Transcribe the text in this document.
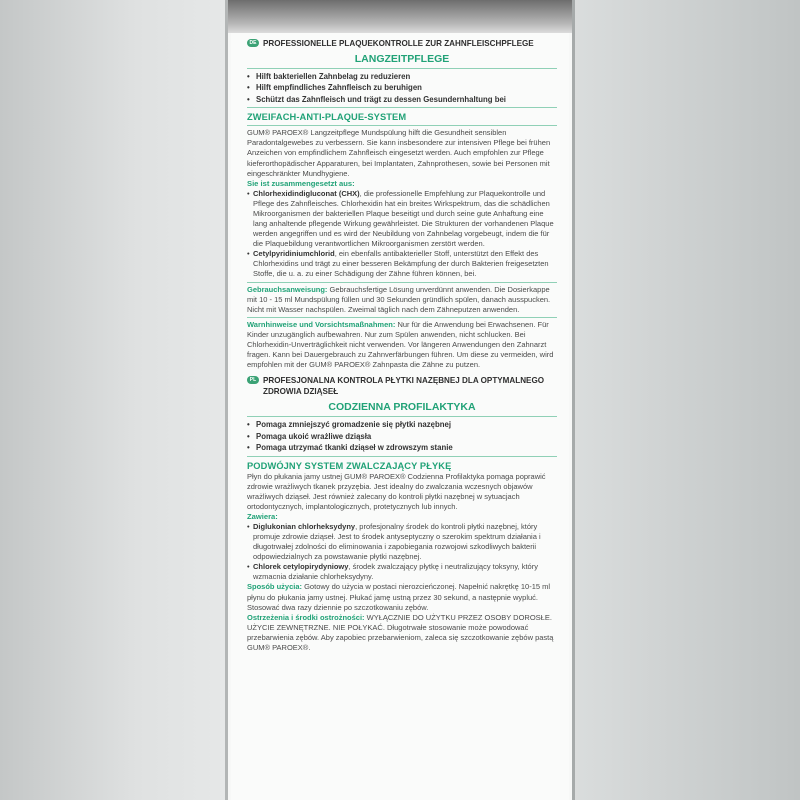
DE PROFESSIONELLE PLAQUEKONTROLLE ZUR ZAHNFLEISCHPFLEGE
LANGZEITPFLEGE
• Hilft bakteriellen Zahnbelag zu reduzieren
• Hilft empfindliches Zahnfleisch zu beruhigen
• Schützt das Zahnfleisch und trägt zu dessen Gesundernhaltung bei
ZWEIFACH-ANTI-PLAQUE-SYSTEM

GUM® PAROEX® Langzeitpflege Mundspülung hilft die Gesundheit sensiblen Paradontalgewebes zu verbessern. Sie kann insbesondere zur intensiven Pflege bei frühen Anzeichen von empfindlichem Zahnfleisch eingesetzt werden. Auch empfohlen zur Pflege kieferorthopädischer Apparaturen, bei Implantaten, Zahnprothesen, sowie bei Personen mit eingeschränkter Mundhygiene.

Sie ist zusammengesetzt aus:

• Chlorhexidindigluconat (CHX), die professionelle Empfehlung zur Plaquekontrolle und Pflege des Zahnfleisches. Chlorhexidin hat ein breites Wirkspektrum, das die schädlichen Mikroorganismen der bakteriellen Plaque beseitigt und durch seine gute Anhaftung eine lang anhaltende pflegende Wirkung gewährleistet. Die Strukturen der vorhandenen Plaque werden angegriffen und es wird der Neubildung von Zahnbelag vorgebeugt, indem die für die Plaquebildung verantwortlichen Mikroorganismen zerstört werden.

• Cetylpyridiniumchlorid, ein ebenfalls antibakterieller Stoff, unterstützt den Effekt des Chlorhexidins und trägt zu einer besseren Bekämpfung der durch Bakterien freigesetzten Stoffe, die u. a. zu einer Schädigung der Zähne führen können, bei.

Gebrauchsanweisung: Gebrauchsfertige Lösung unverdünnt anwenden. Die Dosierkappe mit 10 - 15 ml Mundspülung füllen und 30 Sekunden gründlich spülen, danach ausspucken. Nicht mit Wasser nachspülen. Zweimal täglich nach dem Zähneputzen anwenden.

Warnhinweise und Vorsichtsmaßnahmen: Nur für die Anwendung bei Erwachsenen. Für Kinder unzugänglich aufbewahren. Nur zum Spülen anwenden, nicht schlucken. Bei Chlorhexidin-Unverträglichkeit nicht verwenden. Vor längeren Anwendungen den Zahnarzt fragen. Kann bei Dauergebrauch zu Zahnverfärbungen führen. Um diese zu vermeiden, wird empfohlen mit der GUM® PAROEX® Zahnpasta die Zähne zu putzen.

PL PROFESJONALNA KONTROLA PŁYTKI NAZĘBNEJ DLA OPTYMALNEGO ZDROWIA DZIĄSEŁ
CODZIENNA PROFILAKTYKA
• Pomaga zmniejszyć gromadzenie się płytki nazębnej
• Pomaga ukoić wrażliwe dziąsła
• Pomaga utrzymać tkanki dziąseł w zdrowszym stanie
PODWÓJNY SYSTEM ZWALCZAJĄCY PŁYKĘ

Płyn do płukania jamy ustnej GUM® PAROEX® Codzienna Profilaktyka pomaga poprawić zdrowie wrażliwych tkanek przyzębia. Jest idealny do zwalczania wczesnych objawów wrażliwych dziąseł. Jest również zalecany do kontroli płytki nazębnej w sytuacjach ortodontycznych, implantologicznych, protetycznych lub innych.

Zawiera:

• Diglukonian chlorheksydyny, profesjonalny środek do kontroli płytki nazębnej, który promuje zdrowie dziąseł. Jest to środek antyseptyczny o szerokim spektrum działania i długotrwałej zdolności do eliminowania i zapobiegania rozwojowi szkodliwych bakterii odpowiedzialnych za powstawanie płytki nazębnej.

• Chlorek cetylopirydyniowy, środek zwalczający płytkę i neutralizujący toksyny, który wzmacnia działanie chlorheksydyny.

Sposób użycia: Gotowy do użycia w postaci nierozcieńczonej. Napełnić nakrętkę 10-15 ml płynu do płukania jamy ustnej. Płukać jamę ustną przez 30 sekund, a następnie wypluć. Stosować dwa razy dziennie po szczotkowaniu zębów.

Ostrzeżenia i środki ostrożności: WYŁĄCZNIE DO UŻYTKU PRZEZ OSOBY DOROSŁE. UŻYCIE ZEWNĘTRZNE. NIE POŁYKAĆ. Długotrwałe stosowanie może powodować przebarwienia zębów. Aby zapobiec przebarwieniom, zaleca się szczotkowanie zębów pastą GUM® PAROEX®.
